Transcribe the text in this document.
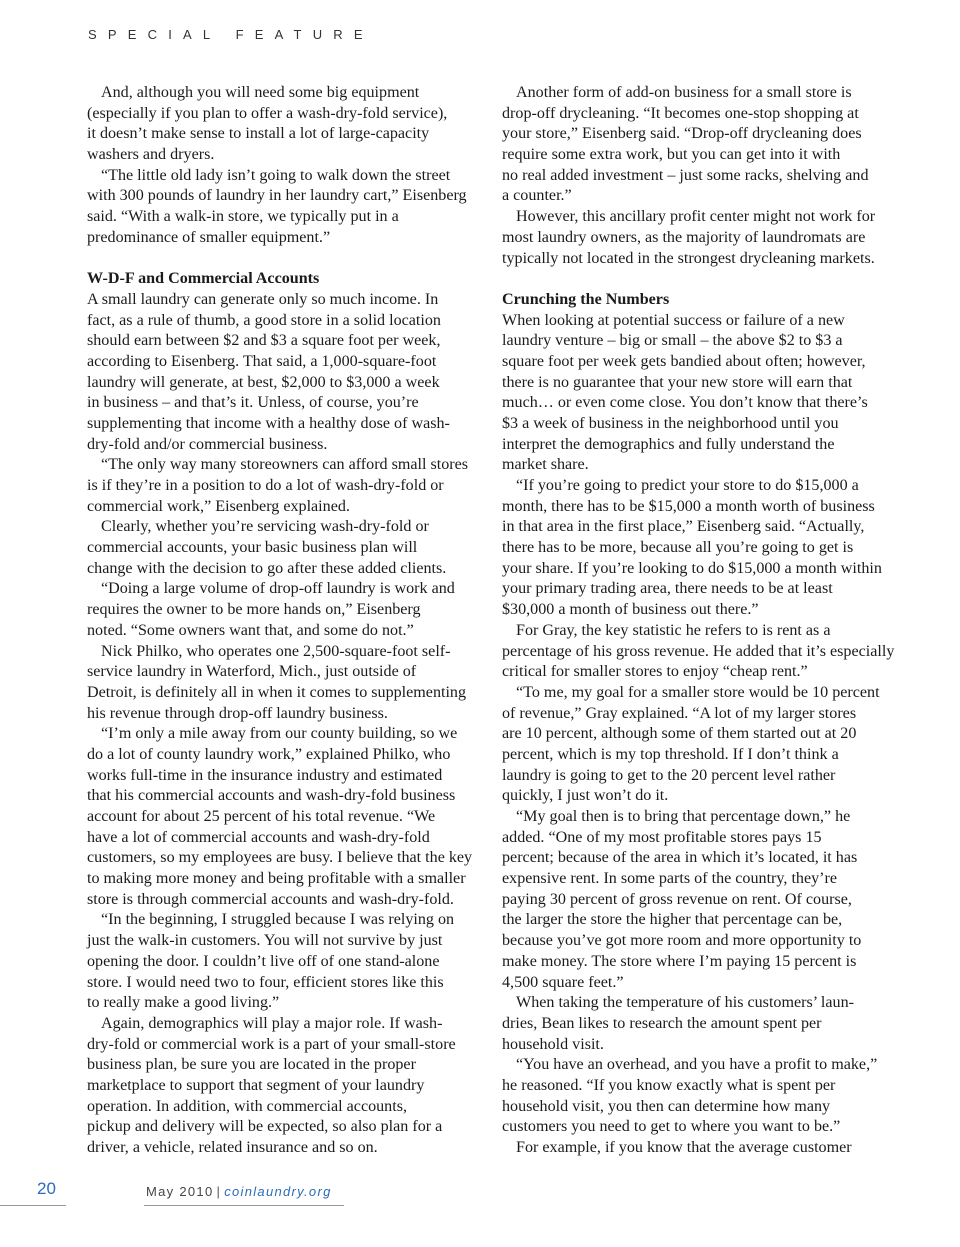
SPECIAL FEATURE

And, although you will need some big equipment
(especially if you plan to offer a wash-dry-fold service),
it doesn’t make sense to install a lot of large-capacity
washers and dryers.

“The little old lady isn’t going to walk down the street
with 300 pounds of laundry in her laundry cart,” Eisenberg
said. “With a walk-in store, we typically put in a
predominance of smaller equipment.”

W-D-F and Commercial Accounts

A small laundry can generate only so much income. In
fact, as a rule of thumb, a good store in a solid location
should earn between $2 and $3 a square foot per week,
according to Eisenberg. That said, a 1,000-square-foot
laundry will generate, at best, $2,000 to $3,000 a week
in business – and that’s it. Unless, of course, you’re
supplementing that income with a healthy dose of wash-
dry-fold and/or commercial business.

“The only way many storeowners can afford small stores
is if they’re in a position to do a lot of wash-dry-fold or
commercial work,” Eisenberg explained.

Clearly, whether you’re servicing wash-dry-fold or
commercial accounts, your basic business plan will
change with the decision to go after these added clients.

“Doing a large volume of drop-off laundry is work and
requires the owner to be more hands on,” Eisenberg
noted. “Some owners want that, and some do not.”

Nick Philko, who operates one 2,500-square-foot self-
service laundry in Waterford, Mich., just outside of
Detroit, is definitely all in when it comes to supplementing
his revenue through drop-off laundry business.

“I’m only a mile away from our county building, so we
do a lot of county laundry work,” explained Philko, who
works full-time in the insurance industry and estimated
that his commercial accounts and wash-dry-fold business
account for about 25 percent of his total revenue. “We
have a lot of commercial accounts and wash-dry-fold
customers, so my employees are busy. I believe that the key
to making more money and being profitable with a smaller
store is through commercial accounts and wash-dry-fold.

“In the beginning, I struggled because I was relying on
just the walk-in customers. You will not survive by just
opening the door. I couldn’t live off of one stand-alone
store. I would need two to four, efficient stores like this
to really make a good living.”

Again, demographics will play a major role. If wash-
dry-fold or commercial work is a part of your small-store
business plan, be sure you are located in the proper
marketplace to support that segment of your laundry
operation. In addition, with commercial accounts,
pickup and delivery will be expected, so also plan for a
driver, a vehicle, related insurance and so on.

Another form of add-on business for a small store is
drop-off drycleaning. “It becomes one-stop shopping at
your store,” Eisenberg said. “Drop-off drycleaning does
require some extra work, but you can get into it with
no real added investment – just some racks, shelving and
a counter.”

However, this ancillary profit center might not work for
most laundry owners, as the majority of laundromats are
typically not located in the strongest drycleaning markets.

Crunching the Numbers

When looking at potential success or failure of a new
laundry venture – big or small – the above $2 to $3 a
square foot per week gets bandied about often; however,
there is no guarantee that your new store will earn that
much… or even come close. You don’t know that there’s
$3 a week of business in the neighborhood until you
interpret the demographics and fully understand the
market share.

“If you’re going to predict your store to do $15,000 a
month, there has to be $15,000 a month worth of business
in that area in the first place,” Eisenberg said. “Actually,
there has to be more, because all you’re going to get is
your share. If you’re looking to do $15,000 a month within
your primary trading area, there needs to be at least
$30,000 a month of business out there.”

For Gray, the key statistic he refers to is rent as a
percentage of his gross revenue. He added that it’s especially
critical for smaller stores to enjoy “cheap rent.”

“To me, my goal for a smaller store would be 10 percent
of revenue,” Gray explained. “A lot of my larger stores
are 10 percent, although some of them started out at 20
percent, which is my top threshold. If I don’t think a
laundry is going to get to the 20 percent level rather
quickly, I just won’t do it.

“My goal then is to bring that percentage down,” he
added. “One of my most profitable stores pays 15
percent; because of the area in which it’s located, it has
expensive rent. In some parts of the country, they’re
paying 30 percent of gross revenue on rent. Of course,
the larger the store the higher that percentage can be,
because you’ve got more room and more opportunity to
make money. The store where I’m paying 15 percent is
4,500 square feet.”

When taking the temperature of his customers’ laun-
dries, Bean likes to research the amount spent per
household visit.

“You have an overhead, and you have a profit to make,”
he reasoned. “If you know exactly what is spent per
household visit, you then can determine how many
customers you need to get to where you want to be.”

For example, if you know that the average customer

20	May 2010 | coinlaundry.org
